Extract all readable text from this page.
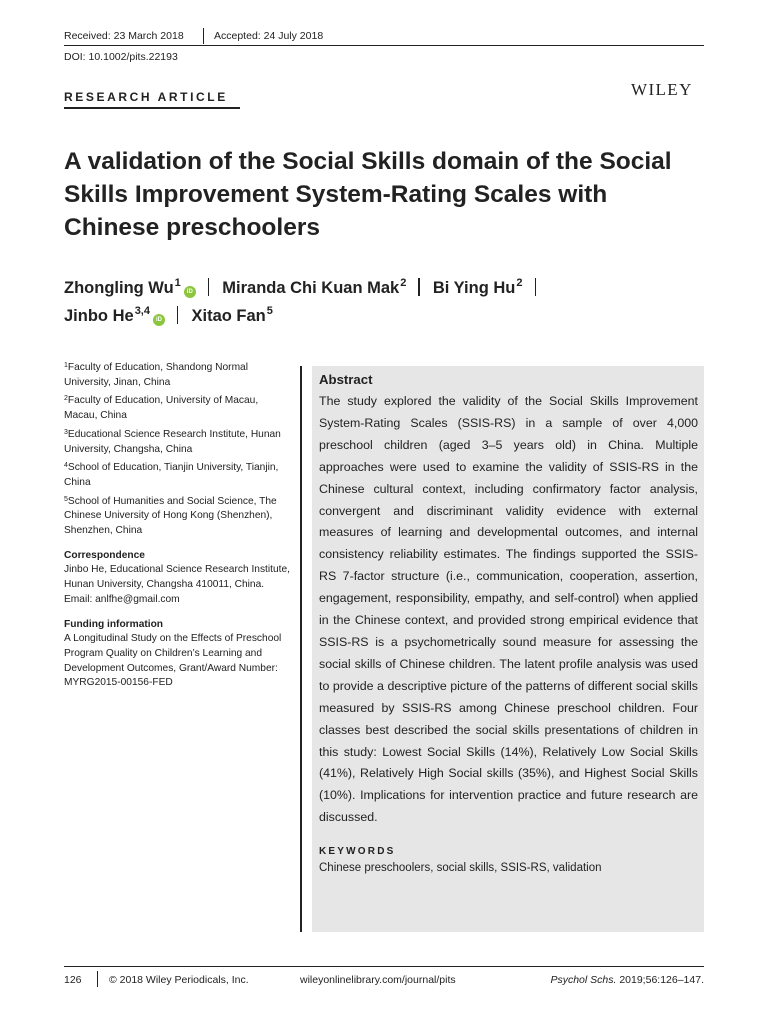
Received: 23 March 2018	Accepted: 24 July 2018
DOI: 10.1002/pits.22193
RESEARCH ARTICLE	WILEY
A validation of the Social Skills domain of the Social Skills Improvement System-Rating Scales with Chinese preschoolers
Zhongling Wu$^1$iD Miranda Chi Kuan Mak$^2$ Bi Ying Hu$^2$
Jinbo He$^{3,4}$iD Xitao Fan$^5$
$^1$Faculty of Education, Shandong Normal University, Jinan, China
$^2$Faculty of Education, University of Macau, Macau, China
$^3$Educational Science Research Institute, Hunan University, Changsha, China
$^4$School of Education, Tianjin University, Tianjin, China
$^5$School of Humanities and Social Science, The Chinese University of Hong Kong (Shenzhen), Shenzhen, China
Correspondence
Jinbo He, Educational Science Research Institute, Hunan University, Changsha 410011, China.
Email: anlfhe@gmail.com
Funding information
A Longitudinal Study on the Effects of Preschool Program Quality on Children’s Learning and Development Outcomes, Grant/Award Number: MYRG2015-00156-FED
Abstract
The study explored the validity of the Social Skills Improvement System-Rating Scales (SSIS-RS) in a sample of over 4,000 preschool children (aged 3–5 years old) in China. Multiple approaches were used to examine the validity of SSIS-RS in the Chinese cultural context, including confirmatory factor analysis, convergent and discriminant validity evidence with external measures of learning and developmental outcomes, and internal consistency reliability estimates. The findings supported the SSIS-RS 7-factor structure (i.e., communication, cooperation, assertion, engagement, responsibility, empathy, and self-control) when applied in the Chinese context, and provided strong empirical evidence that SSIS-RS is a psychometrically sound measure for assessing the social skills of Chinese children. The latent profile analysis was used to provide a descriptive picture of the patterns of different social skills measured by SSIS-RS among Chinese preschool children. Four classes best described the social skills presentations of children in this study: Lowest Social Skills (14%), Relatively Low Social Skills (41%), Relatively High Social skills (35%), and Highest Social Skills (10%). Implications for intervention practice and future research are discussed.
KEYWORDS
Chinese preschoolers, social skills, SSIS-RS, validation
126	© 2018 Wiley Periodicals, Inc.	wileyonlinelibrary.com/journal/pits	Psychol Schs. 2019;56:126–147.
